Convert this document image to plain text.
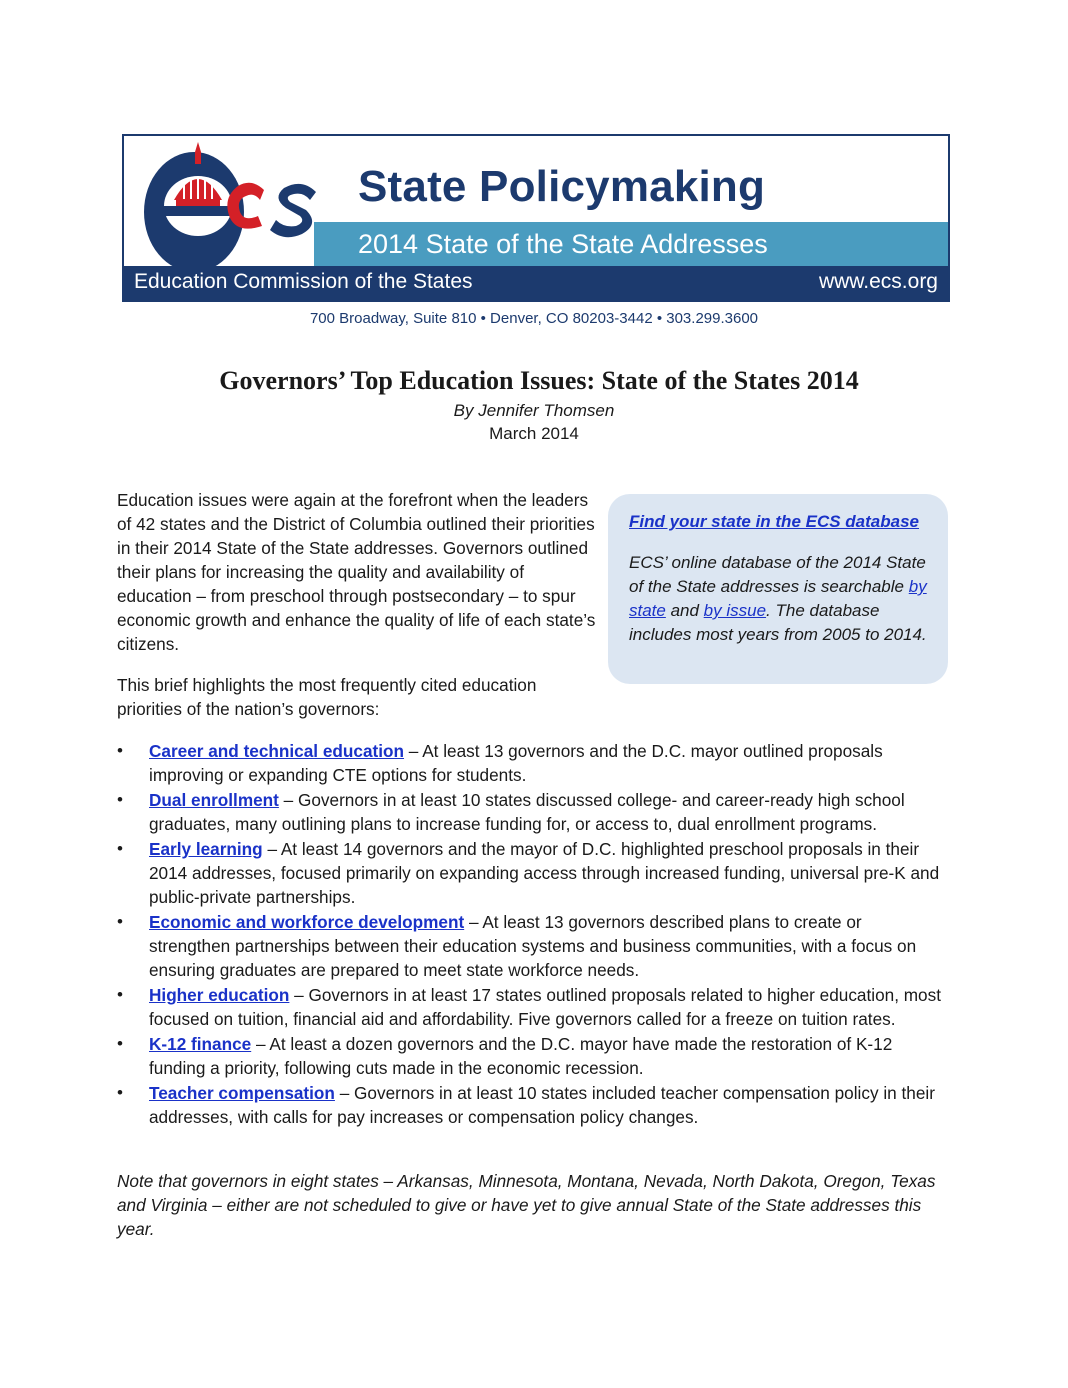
State Policymaking
2014 State of the State Addresses
Education Commission of the States	www.ecs.org
700 Broadway, Suite 810 • Denver, CO 80203-3442 • 303.299.3600
Governors’ Top Education Issues: State of the States 2014
By Jennifer Thomsen
March 2014

Education issues were again at the forefront when the leaders of 42 states and the District of Columbia outlined their priorities in their 2014 State of the State addresses. Governors outlined their plans for increasing the quality and availability of education – from preschool through postsecondary – to spur economic growth and enhance the quality of life of each state’s citizens.

Find your state in the ECS database

ECS’ online database of the 2014 State of the State addresses is searchable by state and by issue. The database includes most years from 2005 to 2014.

This brief highlights the most frequently cited education priorities of the nation’s governors:

• Career and technical education – At least 13 governors and the D.C. mayor outlined proposals improving or expanding CTE options for students.
• Dual enrollment – Governors in at least 10 states discussed college- and career-ready high school graduates, many outlining plans to increase funding for, or access to, dual enrollment programs.
• Early learning – At least 14 governors and the mayor of D.C. highlighted preschool proposals in their 2014 addresses, focused primarily on expanding access through increased funding, universal pre-K and public-private partnerships.
• Economic and workforce development – At least 13 governors described plans to create or strengthen partnerships between their education systems and business communities, with a focus on ensuring graduates are prepared to meet state workforce needs.
• Higher education – Governors in at least 17 states outlined proposals related to higher education, most focused on tuition, financial aid and affordability. Five governors called for a freeze on tuition rates.
• K-12 finance – At least a dozen governors and the D.C. mayor have made the restoration of K-12 funding a priority, following cuts made in the economic recession.
• Teacher compensation – Governors in at least 10 states included teacher compensation policy in their addresses, with calls for pay increases or compensation policy changes.

Note that governors in eight states – Arkansas, Minnesota, Montana, Nevada, North Dakota, Oregon, Texas and Virginia – either are not scheduled to give or have yet to give annual State of the State addresses this year.
